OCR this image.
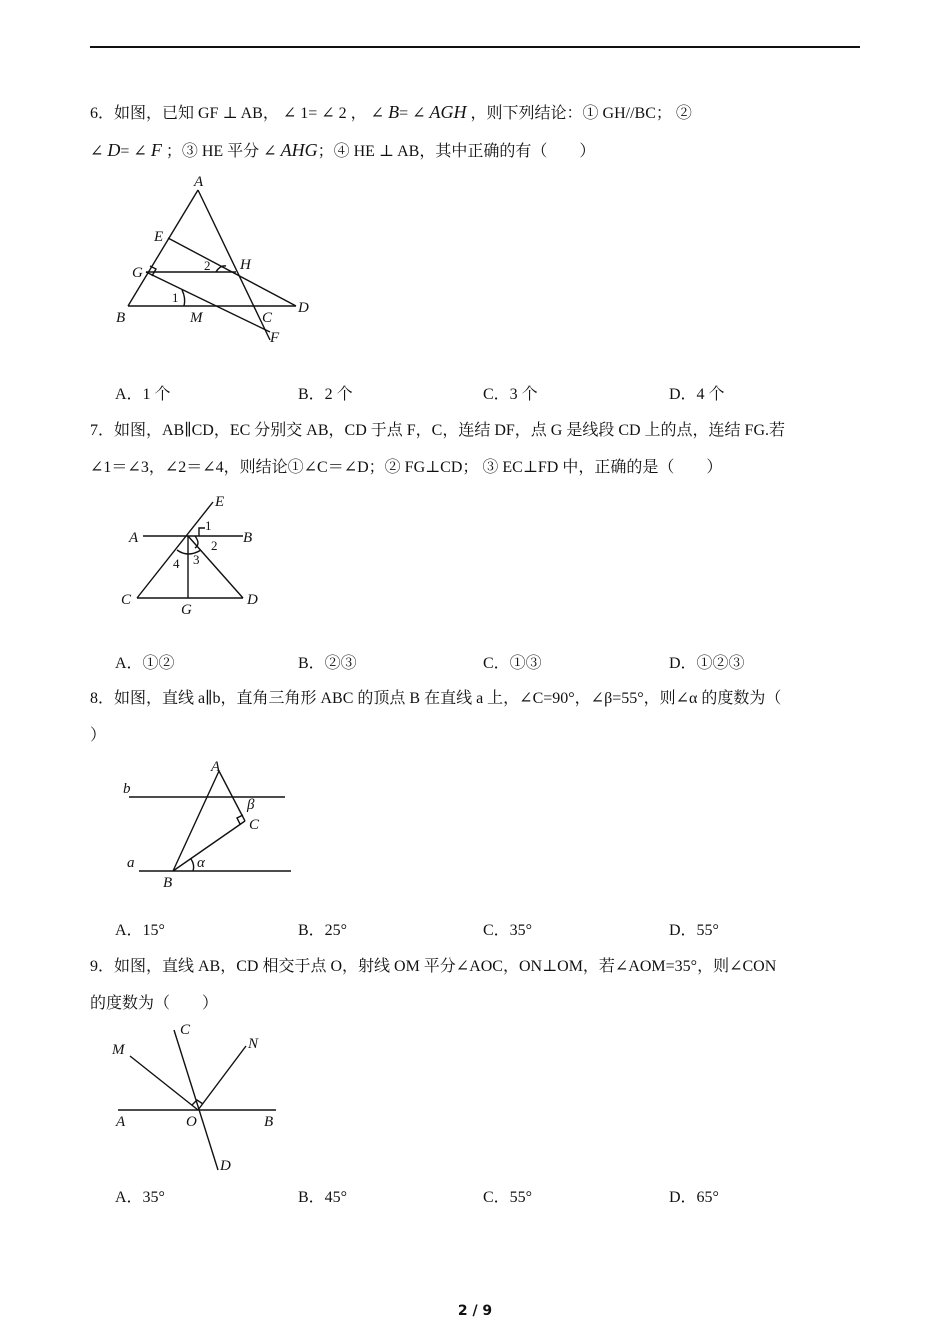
6．如图，已知 GF ⊥ AB， ∠ 1= ∠ 2 ， ∠ B= ∠ AGH ，则下列结论：① GH//BC； ②
∠ D= ∠ F ；③ HE 平分 ∠ AHG；④ HE ⊥ AB，其中正确的有（　　）
A
E
G	H
B	M	C
D
F
1
2
A．1 个	B．2 个	C．3 个	D．4 个
7．如图，AB∥CD，EC 分别交 AB，CD 于点 F，C，连结 DF，点 G 是线段 CD 上的点，连结 FG.若
∠1＝∠3，∠2＝∠4，则结论①∠C＝∠D；② FG⊥CD； ③ EC⊥FD 中，正确的是（　　）
E
A	B
C
G
D
1
2
3
4
A．①②	B．②③	C．①③	D．①②③
8．如图，直线 a∥b，直角三角形 ABC 的顶点 B 在直线 a 上，∠C=90°，∠β=55°，则∠α 的度数为（
）
A
b
β
C
a	α
B
A．15°	B．25°	C．35°	D．55°
9．如图，直线 AB，CD 相交于点 O，射线 OM 平分∠AOC，ON⊥OM，若∠AOM=35°，则∠CON
的度数为（　　）
C
M	N
A	O	B
D
A．35°	B．45°	C．55°	D．65°
2 / 9
